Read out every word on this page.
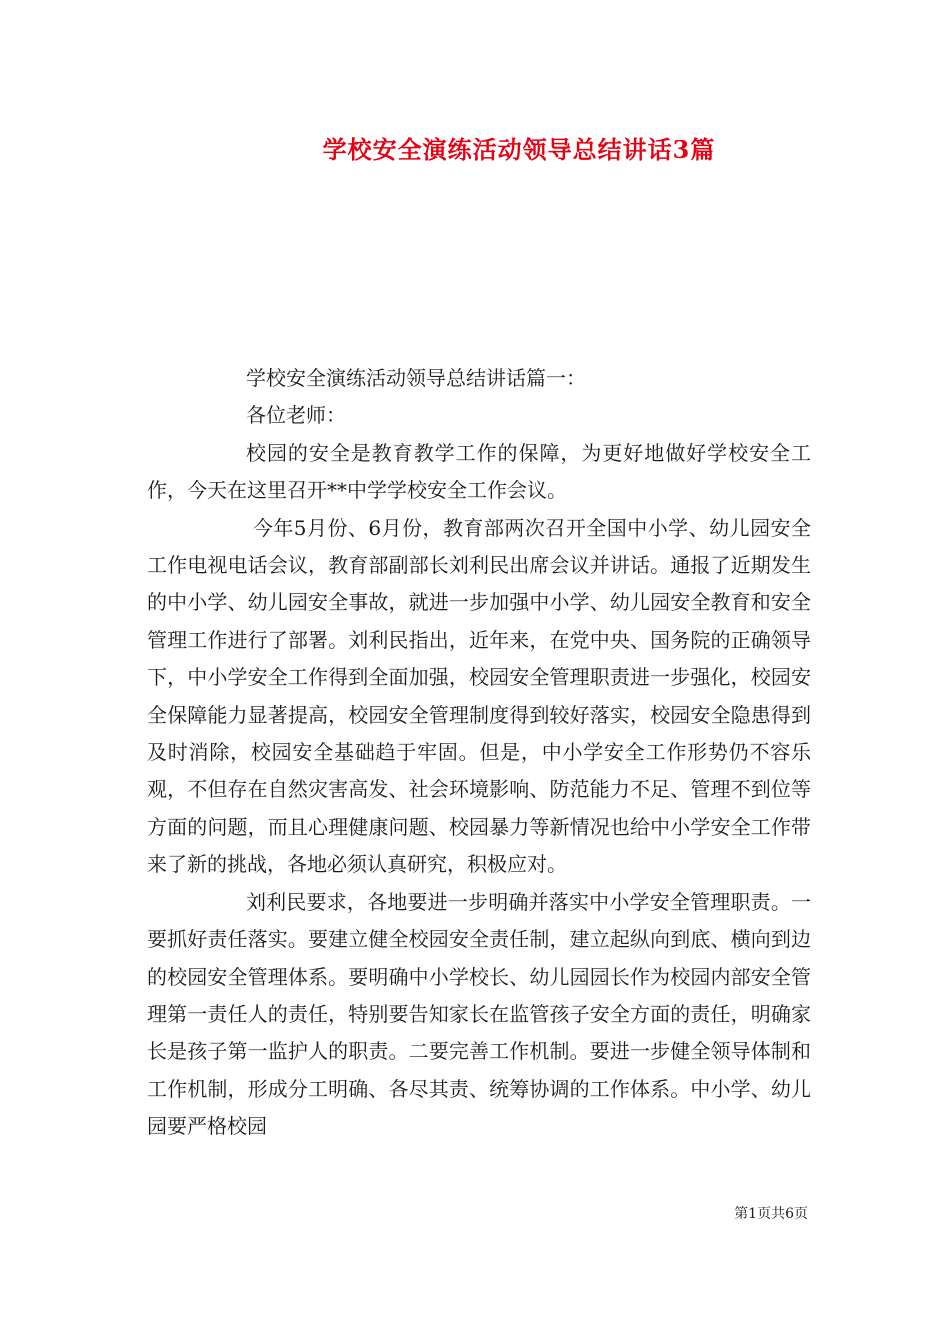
学校安全演练活动领导总结讲话3篇

学校安全演练活动领导总结讲话篇一：

各位老师：

校园的安全是教育教学工作的保障，为更好地做好学校安全工作，今天在这里召开**中学学校安全工作会议。

今年5月份、6月份，教育部两次召开全国中小学、幼儿园安全工作电视电话会议，教育部副部长刘利民出席会议并讲话。通报了近期发生的中小学、幼儿园安全事故，就进一步加强中小学、幼儿园安全教育和安全管理工作进行了部署。刘利民指出，近年来，在党中央、国务院的正确领导下，中小学安全工作得到全面加强，校园安全管理职责进一步强化，校园安全保障能力显著提高，校园安全管理制度得到较好落实，校园安全隐患得到及时消除，校园安全基础趋于牢固。但是，中小学安全工作形势仍不容乐观，不但存在自然灾害高发、社会环境影响、防范能力不足、管理不到位等方面的问题，而且心理健康问题、校园暴力等新情况也给中小学安全工作带来了新的挑战，各地必须认真研究，积极应对。

刘利民要求，各地要进一步明确并落实中小学安全管理职责。一要抓好责任落实。要建立健全校园安全责任制，建立起纵向到底、横向到边的校园安全管理体系。要明确中小学校长、幼儿园园长作为校园内部安全管理第一责任人的责任，特别要告知家长在监管孩子安全方面的责任，明确家长是孩子第一监护人的职责。二要完善工作机制。要进一步健全领导体制和工作机制，形成分工明确、各尽其责、统筹协调的工作体系。中小学、幼儿园要严格校园

第1页共6页
